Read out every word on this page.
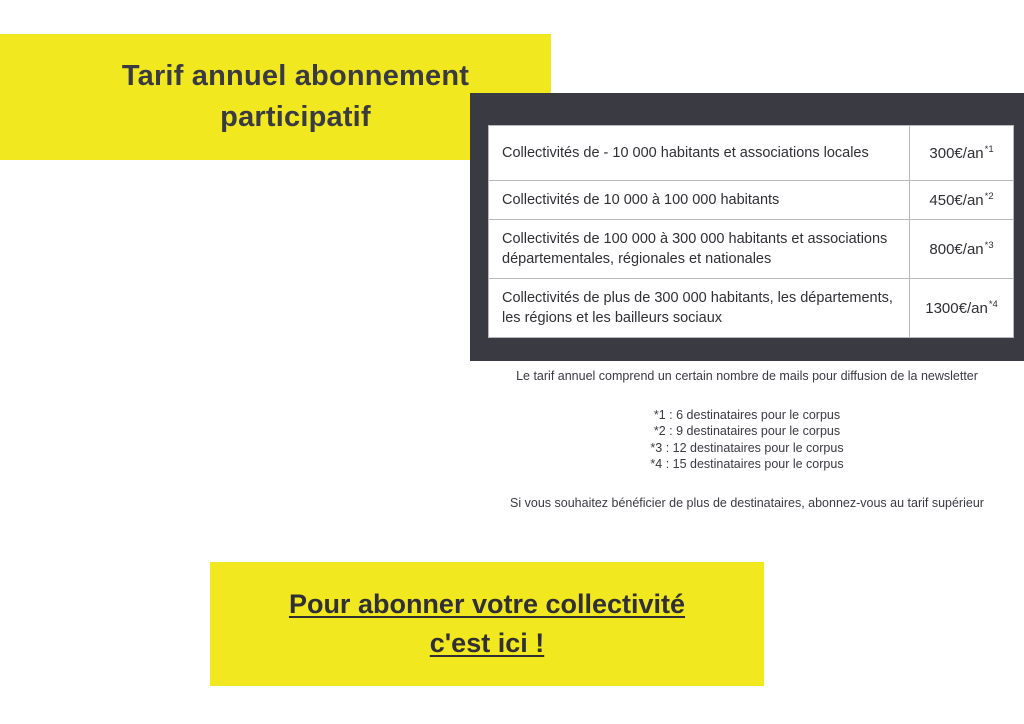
Tarif annuel abonnement
participatif
Collectivités de - 10 000 habitants et associations locales	$300€/an^{*1}$
Collectivités de 10 000 à 100 000 habitants	$450€/an^{*2}$
Collectivités de 100 000 à 300 000 habitants et associations départementales, régionales et nationales	$800€/an^{*3}$
Collectivités de plus de 300 000 habitants, les départements, les régions et les bailleurs sociaux	$1300€/an^{*4}$

Le tarif annuel comprend un certain nombre de mails pour diffusion de la newsletter

*1 : 6 destinataires pour le corpus

*2 : 9 destinataires pour le corpus

*3 : 12 destinataires pour le corpus

*4 : 15 destinataires pour le corpus

Si vous souhaitez bénéficier de plus de destinataires, abonnez-vous au tarif supérieur

Pour abonner votre collectivité
c'est ici !
